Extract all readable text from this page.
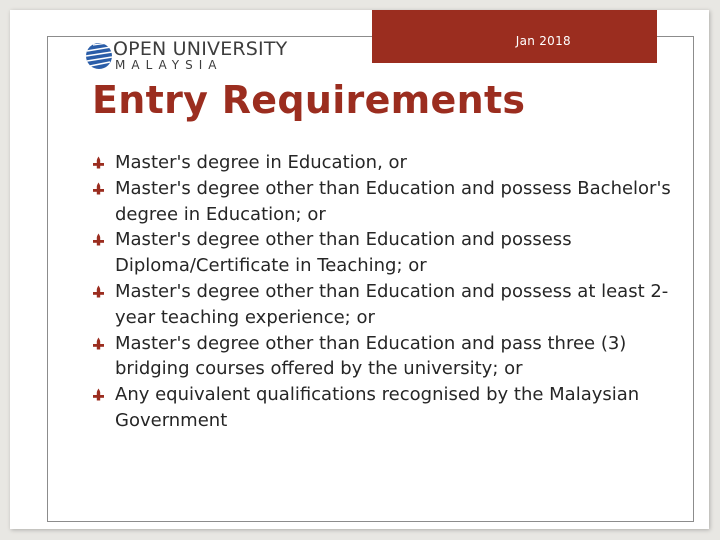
Jan 2018
OPEN UNIVERSITY
MALAYSIA
Entry Requirements
Master's degree in Education, or
Master's degree other than Education and possess Bachelor's degree in Education; or
Master's degree other than Education and possess Diploma/Certificate in Teaching; or
Master's degree other than Education and possess at least 2-year teaching experience; or
Master's degree other than Education and pass three (3) bridging courses offered by the university; or
Any equivalent qualifications recognised by the Malaysian Government
